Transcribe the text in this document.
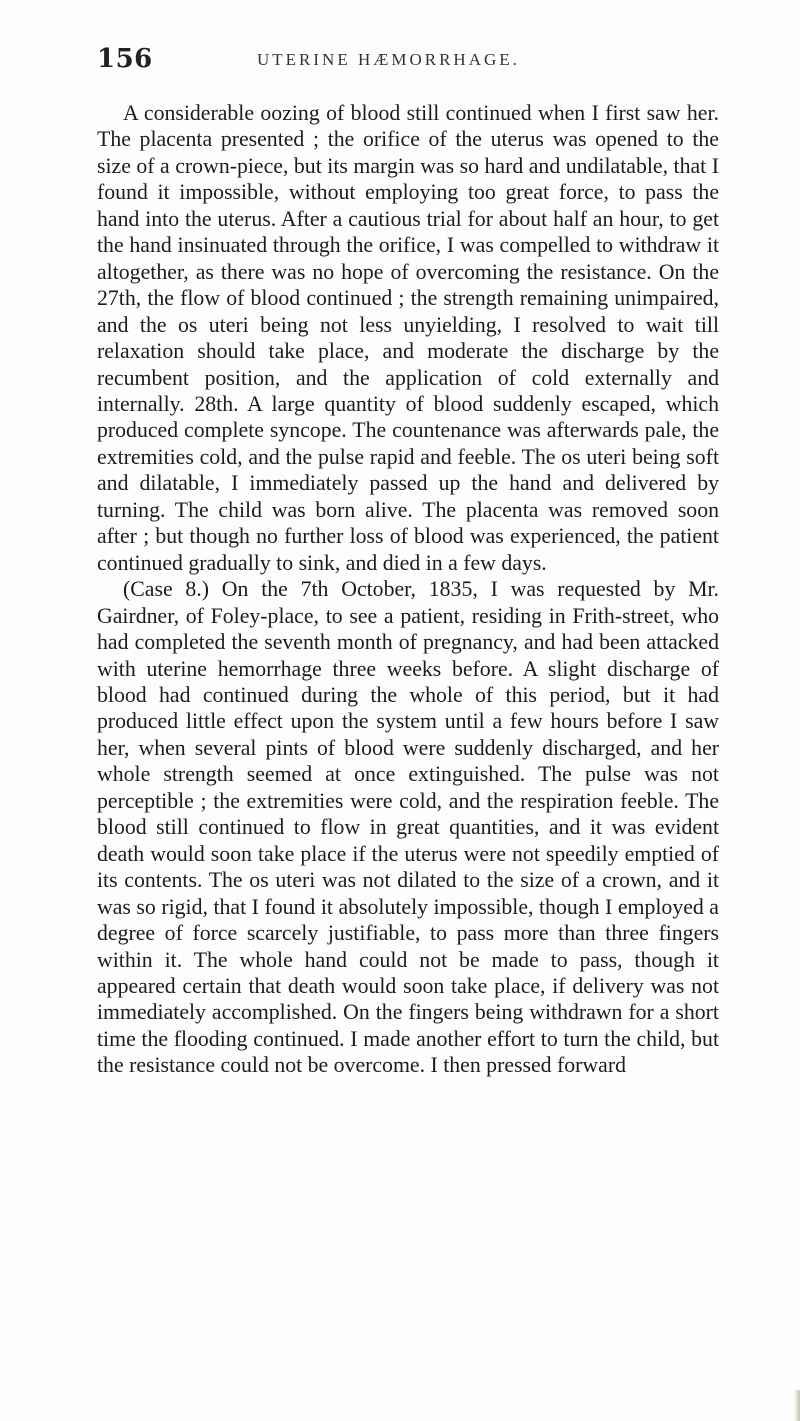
156	UTERINE HÆMORRHAGE.

A considerable oozing of blood still continued when I first saw her. The placenta presented ; the orifice of the uterus was opened to the size of a crown-piece, but its margin was so hard and undilatable, that I found it impossible, without employing too great force, to pass the hand into the uterus. After a cautious trial for about half an hour, to get the hand insinuated through the orifice, I was compelled to withdraw it altogether, as there was no hope of overcoming the resistance. On the 27th, the flow of blood continued ; the strength remaining unimpaired, and the os uteri being not less unyielding, I resolved to wait till relaxation should take place, and moderate the discharge by the recumbent position, and the application of cold externally and internally. 28th. A large quantity of blood suddenly escaped, which produced complete syncope. The countenance was afterwards pale, the extremities cold, and the pulse rapid and feeble. The os uteri being soft and dilatable, I immediately passed up the hand and delivered by turning. The child was born alive. The placenta was removed soon after ; but though no further loss of blood was experienced, the patient continued gradually to sink, and died in a few days.

(Case 8.) On the 7th October, 1835, I was requested by Mr. Gairdner, of Foley-place, to see a patient, residing in Frith-street, who had completed the seventh month of pregnancy, and had been attacked with uterine hemorrhage three weeks before. A slight discharge of blood had continued during the whole of this period, but it had produced little effect upon the system until a few hours before I saw her, when several pints of blood were suddenly discharged, and her whole strength seemed at once extinguished. The pulse was not perceptible ; the extremities were cold, and the respiration feeble. The blood still continued to flow in great quantities, and it was evident death would soon take place if the uterus were not speedily emptied of its contents. The os uteri was not dilated to the size of a crown, and it was so rigid, that I found it absolutely impossible, though I employed a degree of force scarcely justifiable, to pass more than three fingers within it. The whole hand could not be made to pass, though it appeared certain that death would soon take place, if delivery was not immediately accomplished. On the fingers being withdrawn for a short time the flooding continued. I made another effort to turn the child, but the resistance could not be overcome. I then pressed forward
